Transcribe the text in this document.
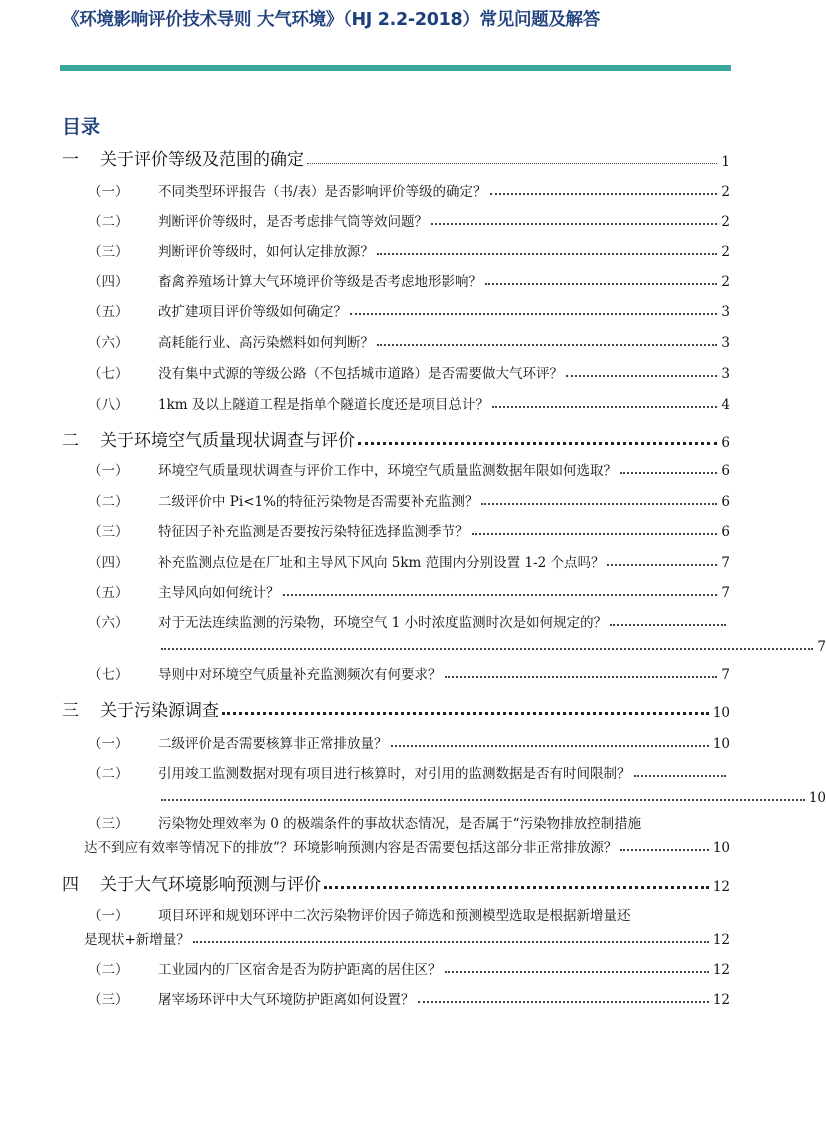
《环境影响评价技术导则 大气环境》（HJ 2.2-2018）常见问题及解答
目录
一	关于评价等级及范围的确定	1
（一）	不同类型环评报告（书/表）是否影响评价等级的确定？	2
（二）	判断评价等级时，是否考虑排气筒等效问题？	2
（三）	判断评价等级时，如何认定排放源？	2
（四）	畜禽养殖场计算大气环境评价等级是否考虑地形影响？	2
（五）	改扩建项目评价等级如何确定？	3
（六）	高耗能行业、高污染燃料如何判断？	3
（七）	没有集中式源的等级公路（不包括城市道路）是否需要做大气环评？	3
（八）	1km 及以上隧道工程是指单个隧道长度还是项目总计？	4
二	关于环境空气质量现状调查与评价	6
（一）	环境空气质量现状调查与评价工作中，环境空气质量监测数据年限如何选取？	6
（二）	二级评价中 Pi<1%的特征污染物是否需要补充监测？	6
（三）	特征因子补充监测是否要按污染特征选择监测季节？	6
（四）	补充监测点位是在厂址和主导风下风向 5km 范围内分别设置 1-2 个点吗？	7
（五）	主导风向如何统计？	7
（六）	对于无法连续监测的污染物，环境空气 1 小时浓度监测时次是如何规定的？
7
（七）	导则中对环境空气质量补充监测频次有何要求？	7
三	关于污染源调查	10
（一）	二级评价是否需要核算非正常排放量？	10
（二）	引用竣工监测数据对现有项目进行核算时，对引用的监测数据是否有时间限制？
10
（三）	污染物处理效率为 0 的极端条件的事故状态情况，是否属于“污染物排放控制措施
达不到应有效率等情况下的排放”？环境影响预测内容是否需要包括这部分非正常排放源？	10
四	关于大气环境影响预测与评价	12
（一）	项目环评和规划环评中二次污染物评价因子筛选和预测模型选取是根据新增量还
是现状+新增量？	12
（二）	工业园内的厂区宿舍是否为防护距离的居住区？	12
（三）	屠宰场环评中大气环境防护距离如何设置？	12
